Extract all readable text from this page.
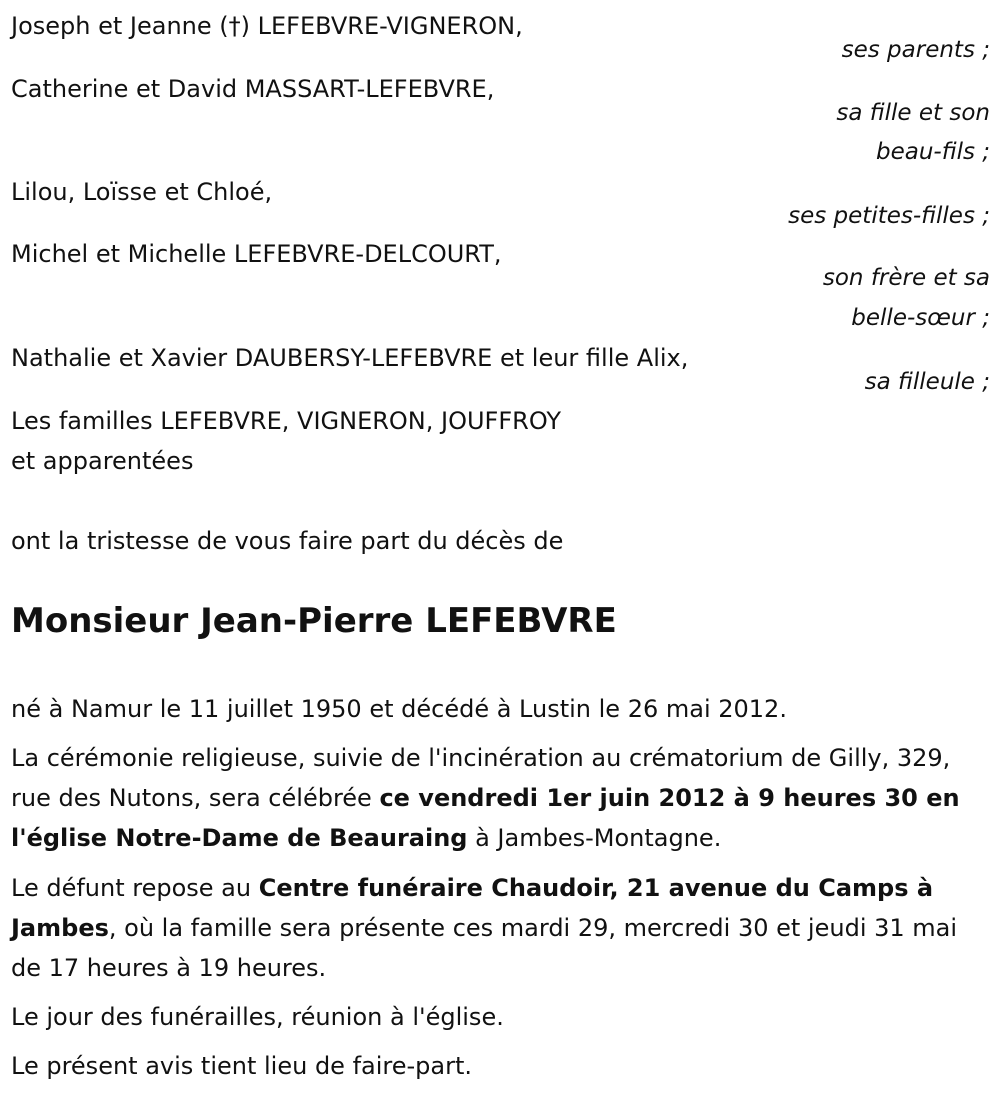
Joseph et Jeanne (†) LEFEBVRE-VIGNERON,

ses parents ;

Catherine et David MASSART-LEFEBVRE,

sa fille et son

beau-fils ;

Lilou, Loïsse et Chloé,

ses petites-filles ;

Michel et Michelle LEFEBVRE-DELCOURT,

son frère et sa

belle-sœur ;

Nathalie et Xavier DAUBERSY-LEFEBVRE et leur fille Alix,

sa filleule ;

Les familles LEFEBVRE, VIGNERON, JOUFFROY

et apparentées

ont la tristesse de vous faire part du décès de

Monsieur Jean-Pierre LEFEBVRE

né à Namur le 11 juillet 1950 et décédé à Lustin le 26 mai 2012.

La cérémonie religieuse, suivie de l'incinération au crématorium de Gilly, 329, rue des Nutons, sera célébrée ce vendredi 1er juin 2012 à 9 heures 30 en l'église Notre-Dame de Beauraing à Jambes-Montagne.

Le défunt repose au Centre funéraire Chaudoir, 21 avenue du Camps à Jambes, où la famille sera présente ces mardi 29, mercredi 30 et jeudi 31 mai de 17 heures à 19 heures.

Le jour des funérailles, réunion à l'église.

Le présent avis tient lieu de faire-part.
